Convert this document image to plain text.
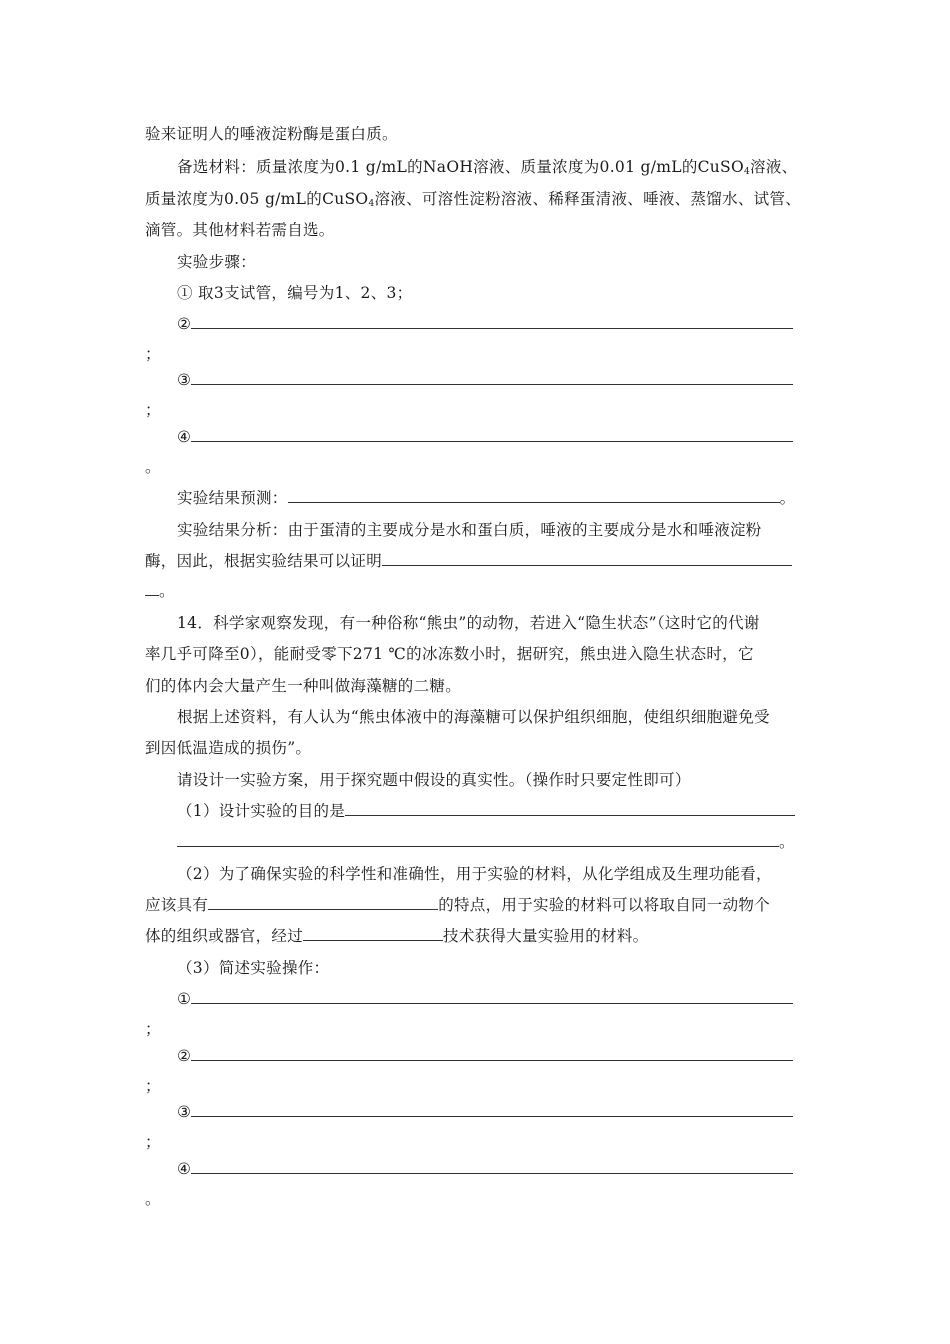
验来证明人的唾液淀粉酶是蛋白质。
备选材料：质量浓度为0.1 g/mL的NaOH溶液、质量浓度为0.01 g/mL的CuSO$_4$溶液、
质量浓度为0.05 g/mL的CuSO$_4$溶液、可溶性淀粉溶液、稀释蛋清液、唾液、蒸馏水、试管、
滴管。其他材料若需自选。
实验步骤：
① 取3支试管，编号为1、2、3；
②
；
③
；
④
。
实验结果预测：	。
实验结果分析：由于蛋清的主要成分是水和蛋白质，唾液的主要成分是水和唾液淀粉
酶，因此，根据实验结果可以证明
。
14．科学家观察发现，有一种俗称“熊虫”的动物，若进入“隐生状态”（这时它的代谢
率几乎可降至0），能耐受零下271 ℃的冰冻数小时，据研究，熊虫进入隐生状态时，它
们的体内会大量产生一种叫做海藻糖的二糖。
根据上述资料，有人认为“熊虫体液中的海藻糖可以保护组织细胞，使组织细胞避免受
到因低温造成的损伤”。
请设计一实验方案，用于探究题中假设的真实性。（操作时只要定性即可）
（1）设计实验的目的是
。
（2）为了确保实验的科学性和准确性，用于实验的材料，从化学组成及生理功能看，
应该具有	的特点，用于实验的材料可以将取自同一动物个
体的组织或器官，经过	技术获得大量实验用的材料。
（3）简述实验操作：
①
；
②
；
③
；
④
。
